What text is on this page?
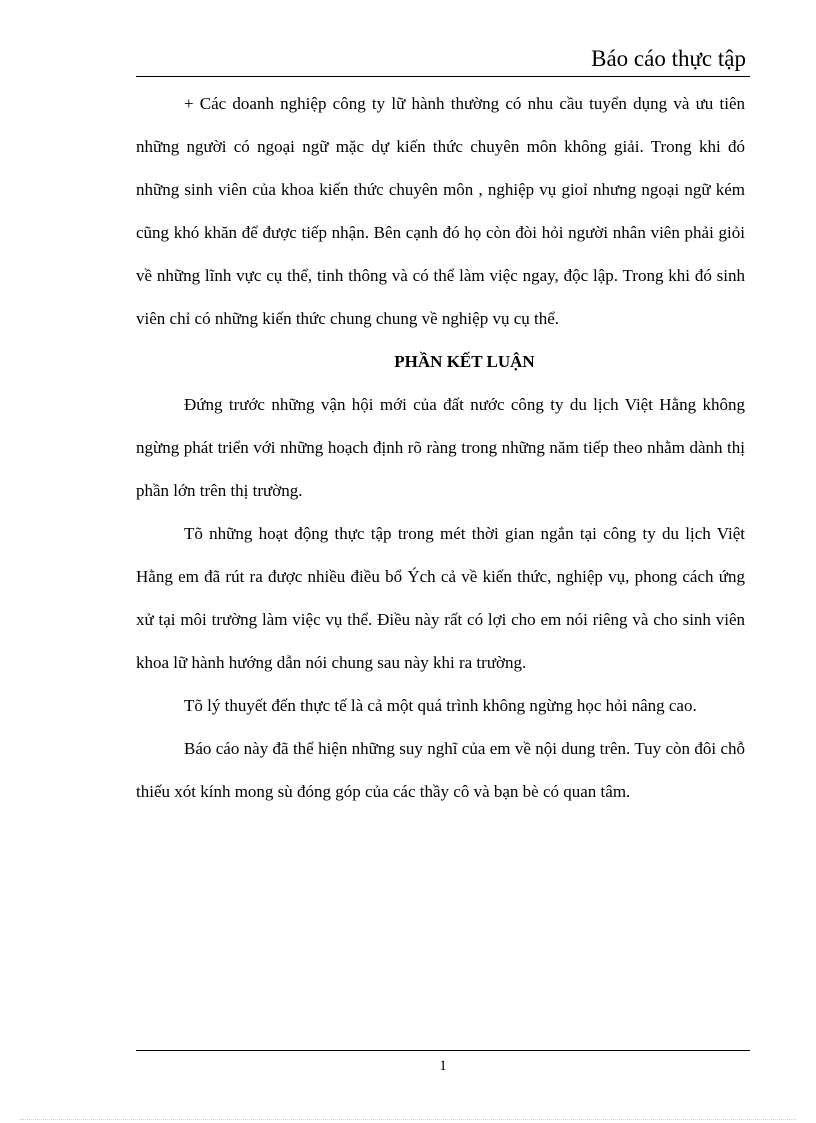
Báo cáo thực tập

+ Các doanh nghiệp công ty lữ hành thường có nhu cầu tuyển dụng và ưu tiên những người có ngoại ngữ mặc dự kiến thức chuyên môn không giải. Trong khi đó những sinh viên của khoa kiến thức chuyên môn , nghiệp vụ gioỉ nhưng ngoại ngữ kém cũng khó khăn để được tiếp nhận. Bên cạnh đó họ còn đòi hỏi người nhân viên phải giỏi về những lĩnh vực cụ thể, tinh thông và có thể làm việc ngay, độc lập. Trong khi đó sinh viên chỉ có những kiến thức chung chung về nghiệp vụ cụ thể.

PHẦN KẾT LUẬN

Đứng trước những vận hội mới của đất nước công ty du lịch Việt Hằng không ngừng phát triển với những hoạch định rõ ràng trong những năm tiếp theo nhằm dành thị phần lớn trên thị trường.

Tõ những hoạt động thực tập trong mét thời gian ngắn tại công ty du lịch Việt Hằng em đã rút ra được nhiều điều bổ Ých cả về kiến thức, nghiệp vụ, phong cách ứng xử tại môi trường làm việc vụ thể. Điều này rất có lợi cho em nói riêng và cho sinh viên khoa lữ hành hướng dẫn nói chung sau này khi ra trường.

Tõ lý thuyết đến thực tế là cả một quá trình không ngừng học hỏi nâng cao.

Báo cáo này đã thể hiện những suy nghĩ của em về nội dung trên. Tuy còn đôi chỗ thiếu xót kính mong sù đóng góp của các thầy cô và bạn bè có quan tâm.

1
